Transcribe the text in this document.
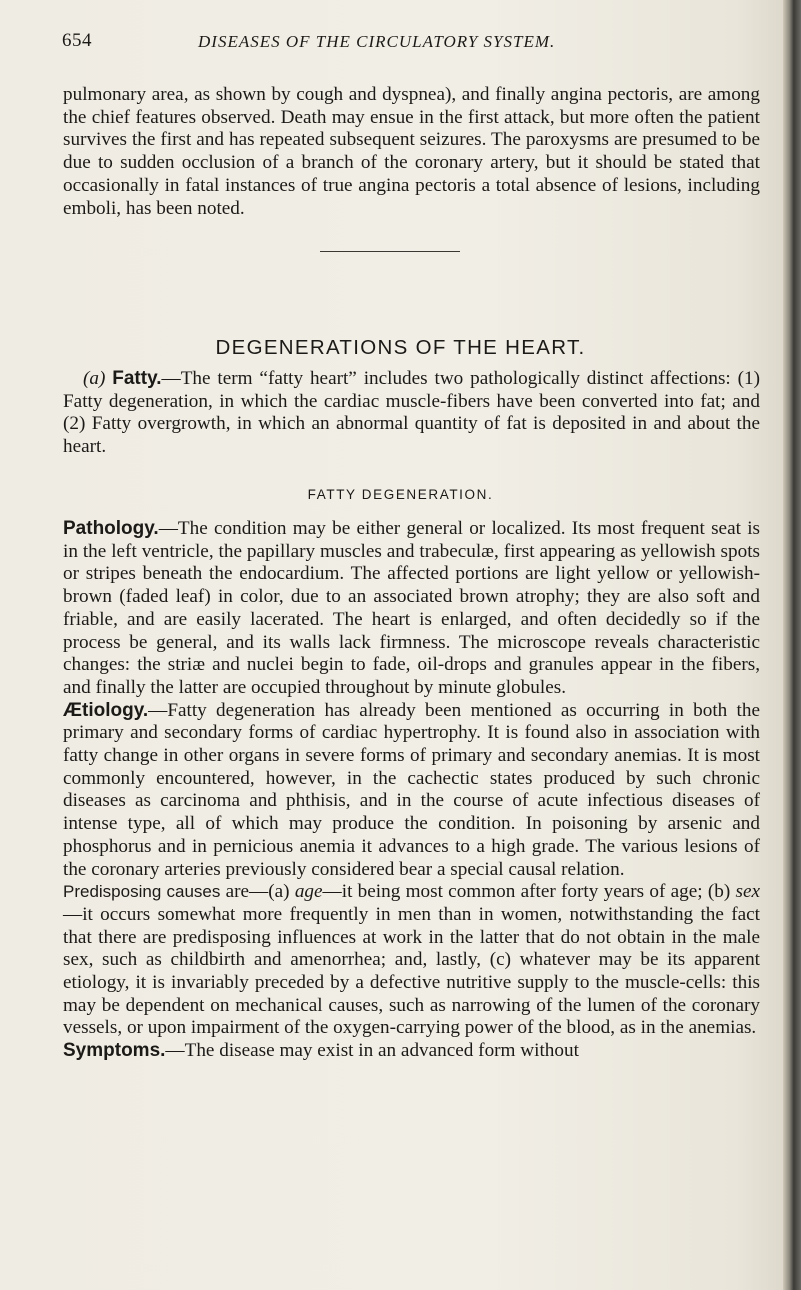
654	DISEASES OF THE CIRCULATORY SYSTEM.

pulmonary area, as shown by cough and dyspnea), and finally angina pectoris, are among the chief features observed. Death may ensue in the first attack, but more often the patient survives the first and has repeated subsequent seizures. The paroxysms are presumed to be due to sudden occlusion of a branch of the coronary artery, but it should be stated that occasionally in fatal instances of true angina pectoris a total absence of lesions, including emboli, has been noted.

DEGENERATIONS OF THE HEART.

(a) Fatty.—The term “fatty heart” includes two pathologically distinct affections: (1) Fatty degeneration, in which the cardiac muscle-fibers have been converted into fat; and (2) Fatty overgrowth, in which an abnormal quantity of fat is deposited in and about the heart.

FATTY DEGENERATION.

Pathology.—The condition may be either general or localized. Its most frequent seat is in the left ventricle, the papillary muscles and trabeculæ, first appearing as yellowish spots or stripes beneath the endocardium. The affected portions are light yellow or yellowish-brown (faded leaf) in color, due to an associated brown atrophy; they are also soft and friable, and are easily lacerated. The heart is enlarged, and often decidedly so if the process be general, and its walls lack firmness. The microscope reveals characteristic changes: the striæ and nuclei begin to fade, oil-drops and granules appear in the fibers, and finally the latter are occupied throughout by minute globules.

Ætiology.—Fatty degeneration has already been mentioned as occurring in both the primary and secondary forms of cardiac hypertrophy. It is found also in association with fatty change in other organs in severe forms of primary and secondary anemias. It is most commonly encountered, however, in the cachectic states produced by such chronic diseases as carcinoma and phthisis, and in the course of acute infectious diseases of intense type, all of which may produce the condition. In poisoning by arsenic and phosphorus and in pernicious anemia it advances to a high grade. The various lesions of the coronary arteries previously considered bear a special causal relation.

Predisposing causes are—(a) age—it being most common after forty years of age; (b) sex—it occurs somewhat more frequently in men than in women, notwithstanding the fact that there are predisposing influences at work in the latter that do not obtain in the male sex, such as childbirth and amenorrhea; and, lastly, (c) whatever may be its apparent etiology, it is invariably preceded by a defective nutritive supply to the muscle-cells: this may be dependent on mechanical causes, such as narrowing of the lumen of the coronary vessels, or upon impairment of the oxygen-carrying power of the blood, as in the anemias.

Symptoms.—The disease may exist in an advanced form without
